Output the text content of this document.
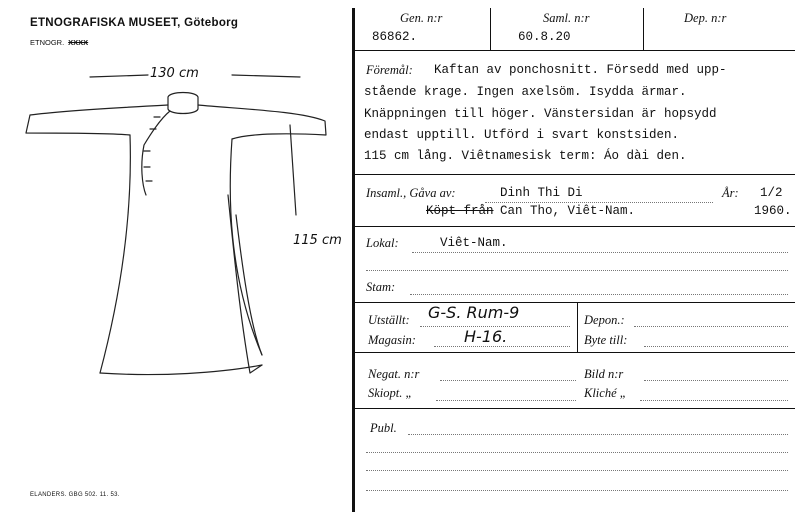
ETNOGRAFISKA MUSEET, Göteborg
ETNOGR. XXXX
130 cm
115 cm
ELANDERS. GBG 502. 11. 53.
Gen. n:r
86862.
Saml. n:r
60.8.20
Dep. n:r
Föremål: Kaftan av ponchosnitt. Försedd med upp-
stående krage. Ingen axelsöm. Isydda ärmar.
Knäppningen till höger. Vänstersidan är hopsydd
endast upptill. Utförd i svart konstsiden.
115 cm lång. Viêtnamesisk term: Áo dài den.
Insaml., Gåva av:	Dinh Thi Di	År: 1/2
Köpt från Can Tho, Viêt-Nam.	1960.
Lokal:	Viêt-Nam.
Stam:
Utställt: G-S. Rum-9	Depon.:
Magasin:	H-16.	Byte till:
Negat. n:r	Bild n:r
Skiopt. „	Kliché „
Publ.
